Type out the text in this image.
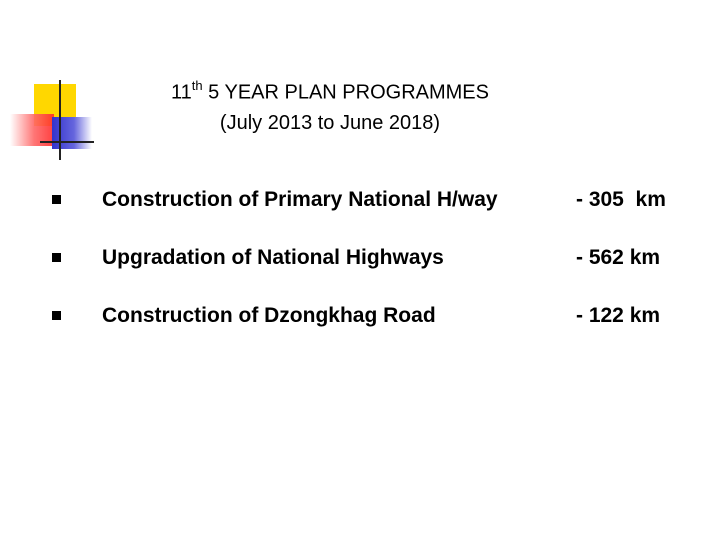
11th 5 YEAR PLAN PROGRAMMES
(July 2013 to June 2018)
Construction of Primary National H/way	- 305  km
Upgradation of National Highways	- 562 km
Construction of Dzongkhag Road	- 122 km
